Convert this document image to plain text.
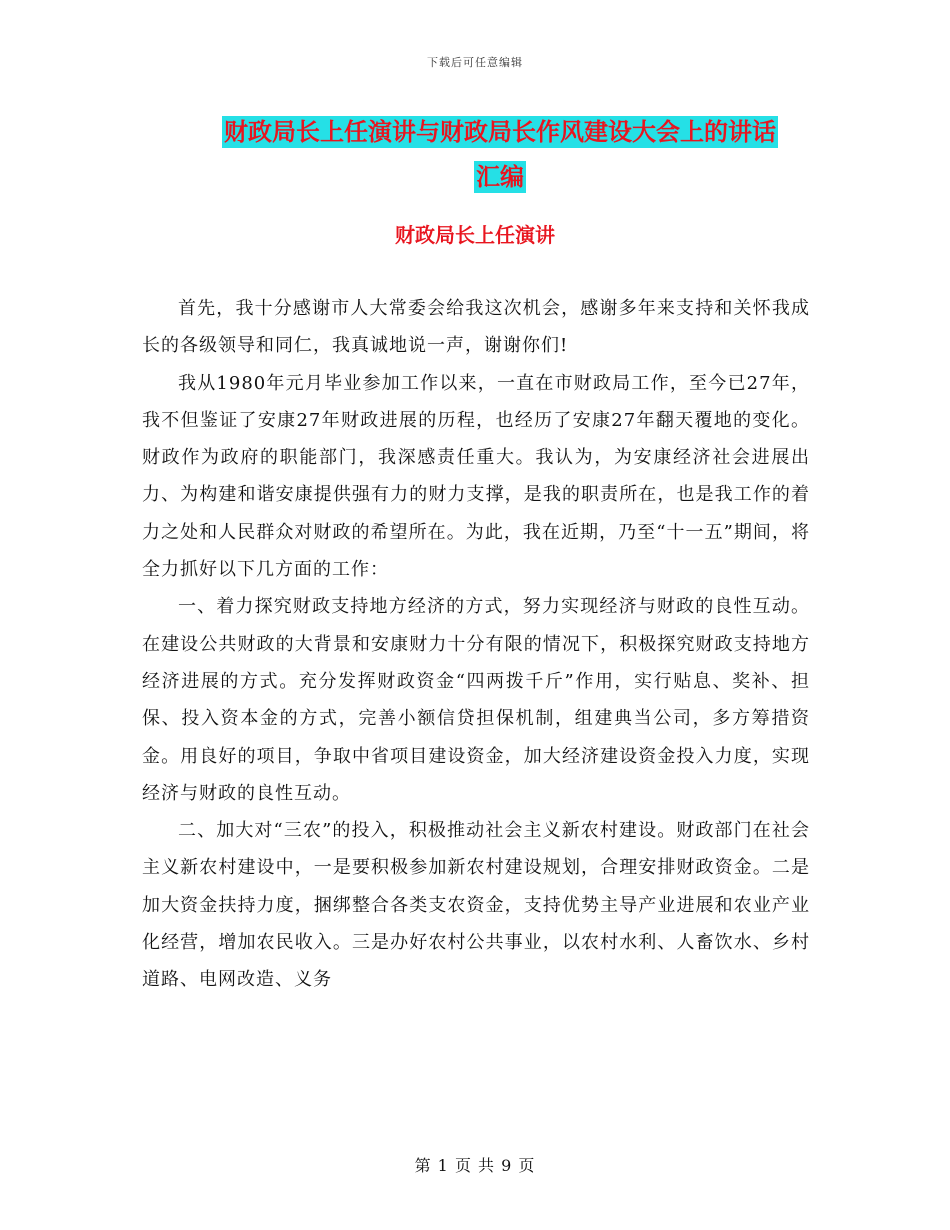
下载后可任意编辑
财政局长上任演讲与财政局长作风建设大会上的讲话
汇编
财政局长上任演讲

首先，我十分感谢市人大常委会给我这次机会，感谢多年来支持和关怀我成长的各级领导和同仁，我真诚地说一声，谢谢你们!

我从1980年元月毕业参加工作以来，一直在市财政局工作，至今已27年，我不但鉴证了安康27年财政进展的历程，也经历了安康27年翻天覆地的变化。财政作为政府的职能部门，我深感责任重大。我认为，为安康经济社会进展出力、为构建和谐安康提供强有力的财力支撑，是我的职责所在，也是我工作的着力之处和人民群众对财政的希望所在。为此，我在近期，乃至“十一五”期间，将全力抓好以下几方面的工作：

一、着力探究财政支持地方经济的方式，努力实现经济与财政的良性互动。在建设公共财政的大背景和安康财力十分有限的情况下，积极探究财政支持地方经济进展的方式。充分发挥财政资金“四两拨千斤”作用，实行贴息、奖补、担保、投入资本金的方式，完善小额信贷担保机制，组建典当公司，多方筹措资金。用良好的项目，争取中省项目建设资金，加大经济建设资金投入力度，实现经济与财政的良性互动。

二、加大对“三农”的投入，积极推动社会主义新农村建设。财政部门在社会主义新农村建设中，一是要积极参加新农村建设规划，合理安排财政资金。二是加大资金扶持力度，捆绑整合各类支农资金，支持优势主导产业进展和农业产业化经营，增加农民收入。三是办好农村公共事业，以农村水利、人畜饮水、乡村道路、电网改造、义务

第 1 页 共 9 页
